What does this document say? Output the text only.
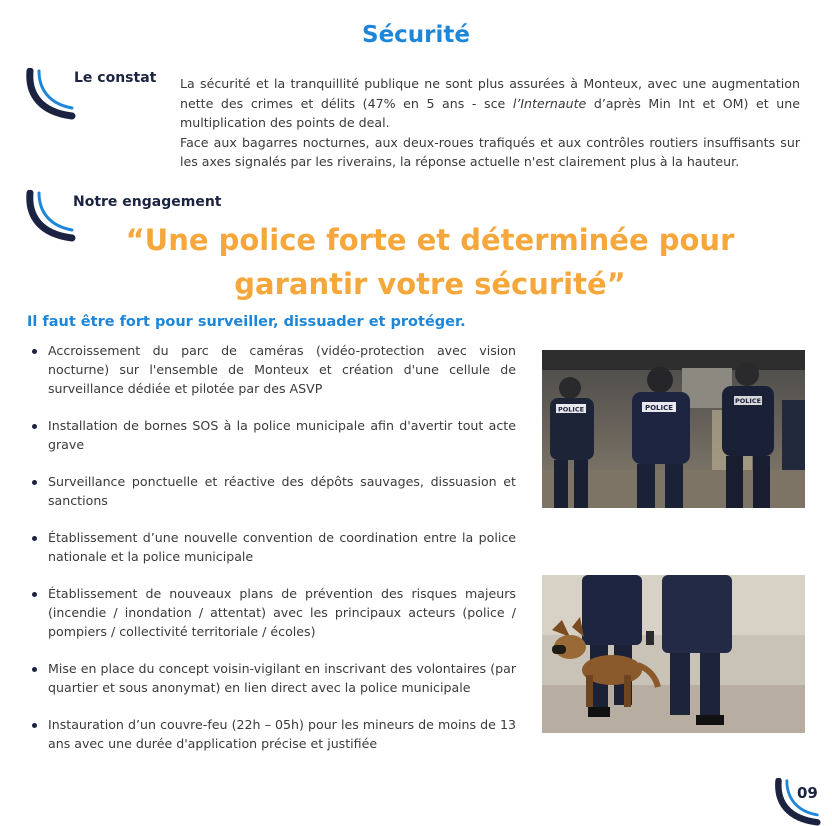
Sécurité
Le constat La sécurité et la tranquillité publique ne sont plus assurées à Monteux, avec une augmentation nette des crimes et délits (47% en 5 ans - sce l’Internaute d’après Min Int et OM) et une multiplication des points de deal.

Face aux bagarres nocturnes, aux deux-roues trafiqués et aux contrôles routiers insuffisants sur les axes signalés par les riverains, la réponse actuelle n'est clairement plus à la hauteur.

Notre engagement
“Une police forte et déterminée pour
garantir votre sécurité”
Il faut être fort pour surveiller, dissuader et protéger.
Accroissement du parc de caméras (vidéo-protection avec vision nocturne) sur l'ensemble de Monteux et création d'une cellule de surveillance dédiée et pilotée par des ASVP
Installation de bornes SOS à la police municipale afin d'avertir tout acte grave
Surveillance ponctuelle et réactive des dépôts sauvages, dissuasion et sanctions
Établissement d’une nouvelle convention de coordination entre la police nationale et la police municipale
Établissement de nouveaux plans de prévention des risques majeurs (incendie / inondation / attentat) avec les principaux acteurs (police / pompiers / collectivité territoriale / écoles)
Mise en place du concept voisin-vigilant en inscrivant des volontaires (par quartier et sous anonymat) en lien direct avec la police municipale
Instauration d’un couvre-feu (22h – 05h) pour les mineurs de moins de 13 ans avec une durée d'application précise et justifiée
POLICE	POLICE
POLICE
09
